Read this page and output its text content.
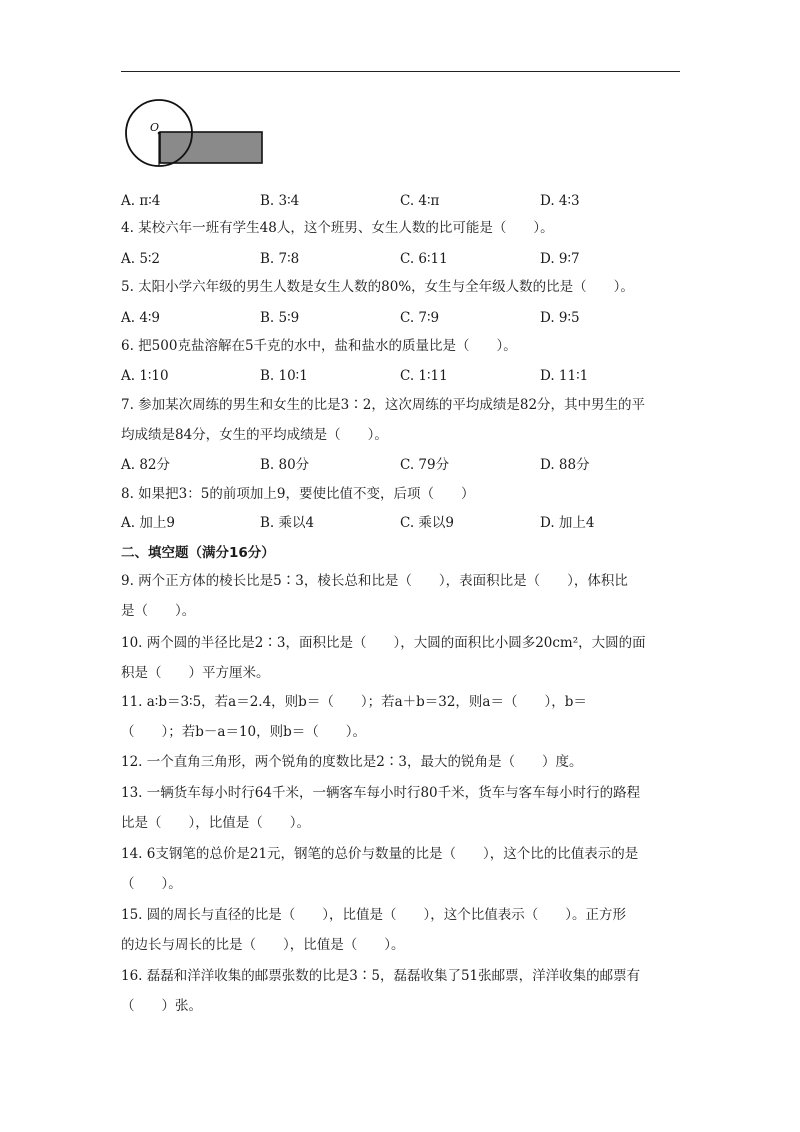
O
A. π∶4	B. 3∶4	C. 4∶π	D. 4∶3
4. 某校六年一班有学生48人，这个班男、女生人数的比可能是（　　）。
A. 5∶2	B. 7∶8	C. 6∶11	D. 9∶7
5. 太阳小学六年级的男生人数是女生人数的80%，女生与全年级人数的比是（　　）。
A. 4∶9	B. 5∶9	C. 7∶9	D. 9∶5
6. 把500克盐溶解在5千克的水中，盐和盐水的质量比是（　　）。
A. 1∶10	B. 10∶1	C. 1∶11	D. 11∶1
7. 参加某次周练的男生和女生的比是3∶2，这次周练的平均成绩是82分，其中男生的平
均成绩是84分，女生的平均成绩是（　　）。
A. 82分	B. 80分	C. 79分	D. 88分
8. 如果把3：5的前项加上9，要使比值不变，后项（　　）
A. 加上9	B. 乘以4	C. 乘以9	D. 加上4
二、填空题（满分16分）
9. 两个正方体的棱长比是5∶3，棱长总和比是（　　），表面积比是（　　），体积比
是（　　）。
10. 两个圆的半径比是2∶3，面积比是（　　），大圆的面积比小圆多20cm²，大圆的面
积是（　　）平方厘米。
11. a∶b＝3∶5，若a＝2.4，则b＝（　　）；若a＋b＝32，则a＝（　　），b＝
（　　）；若b－a＝10，则b＝（　　）。
12. 一个直角三角形，两个锐角的度数比是2∶3，最大的锐角是（　　）度。
13. 一辆货车每小时行64千米，一辆客车每小时行80千米，货车与客车每小时行的路程
比是（　　），比值是（　　）。
14. 6支钢笔的总价是21元，钢笔的总价与数量的比是（　　），这个比的比值表示的是
（　　）。
15. 圆的周长与直径的比是（　　），比值是（　　），这个比值表示（　　）。正方形
的边长与周长的比是（　　），比值是（　　）。
16. 磊磊和洋洋收集的邮票张数的比是3∶5，磊磊收集了51张邮票，洋洋收集的邮票有
（　　）张。
